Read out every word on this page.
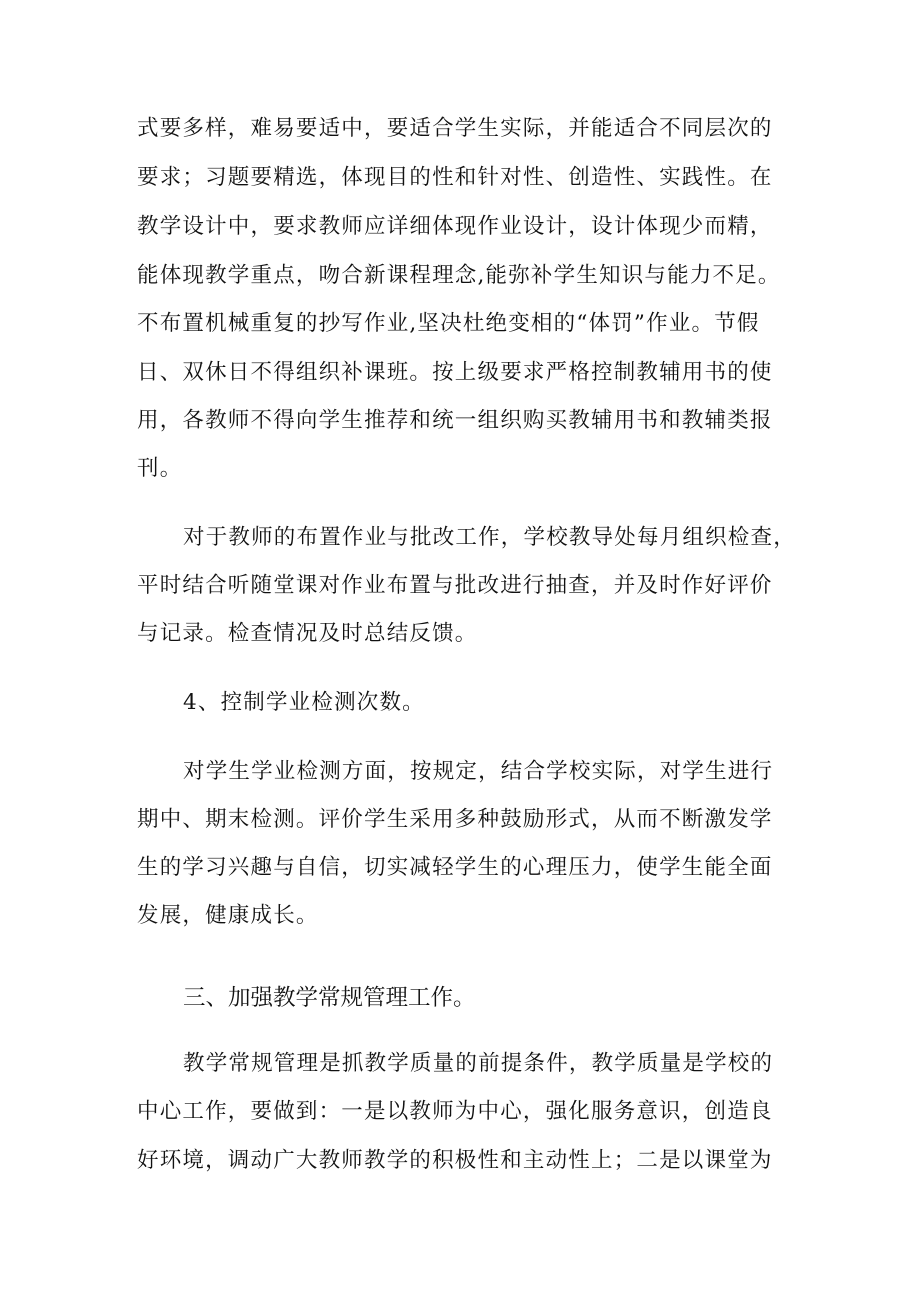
式要多样，难易要适中，要适合学生实际，并能适合不同层次的
要求；习题要精选，体现目的性和针对性、创造性、实践性。在
教学设计中，要求教师应详细体现作业设计，设计体现少而精，
能体现教学重点，吻合新课程理念,能弥补学生知识与能力不足。
不布置机械重复的抄写作业,坚决杜绝变相的“体罚”作业。节假
日、双休日不得组织补课班。按上级要求严格控制教辅用书的使
用，各教师不得向学生推荐和统一组织购买教辅用书和教辅类报
刊。
对于教师的布置作业与批改工作，学校教导处每月组织检查，
平时结合听随堂课对作业布置与批改进行抽查，并及时作好评价
与记录。检查情况及时总结反馈。
4、控制学业检测次数。
对学生学业检测方面，按规定，结合学校实际，对学生进行
期中、期末检测。评价学生采用多种鼓励形式，从而不断激发学
生的学习兴趣与自信，切实减轻学生的心理压力，使学生能全面
发展，健康成长。
三、加强教学常规管理工作。
教学常规管理是抓教学质量的前提条件，教学质量是学校的
中心工作，要做到：一是以教师为中心，强化服务意识，创造良
好环境，调动广大教师教学的积极性和主动性上；二是以课堂为
